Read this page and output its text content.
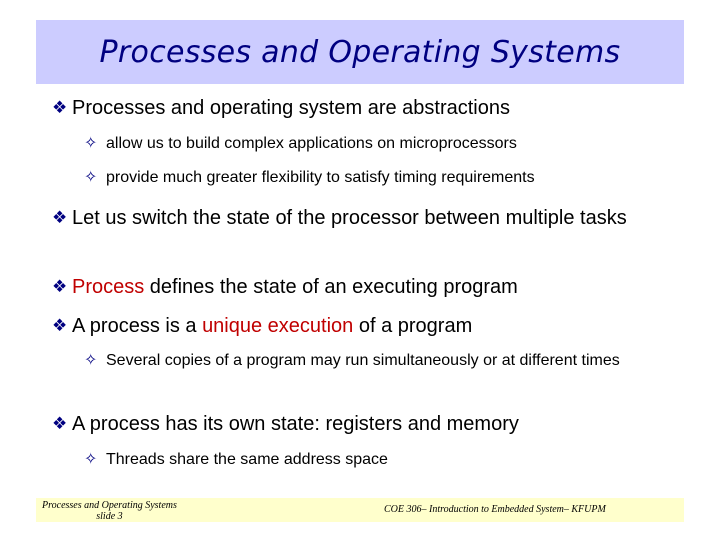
Processes and Operating Systems
❖ Processes and operating system are abstractions
✧ allow us to build complex applications on microprocessors
✧ provide much greater flexibility to satisfy timing requirements
❖ Let us switch the state of the processor between multiple tasks
❖ Process defines the state of an executing program
❖ A process is a unique execution of a program
✧ Several copies of a program may run simultaneously or at different times
❖ A process has its own state: registers and memory
✧ Threads share the same address space
Processes and Operating Systems
slide 3
COE 306– Introduction to Embedded System– KFUPM
